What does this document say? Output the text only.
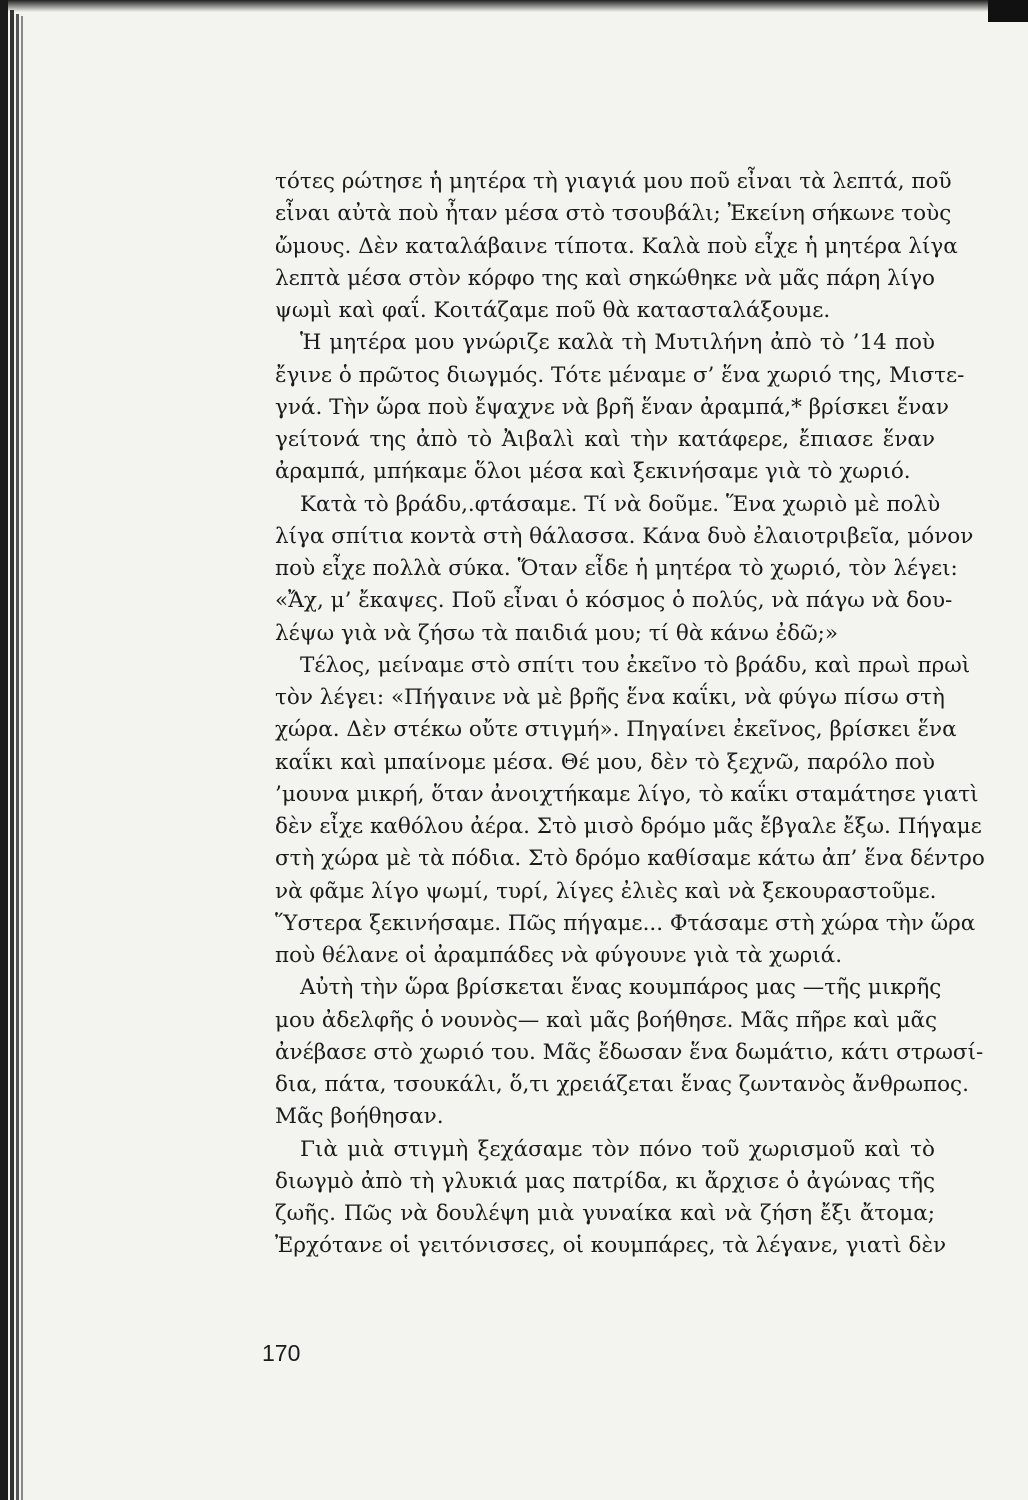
τότες ρώτησε ἡ μητέρα τὴ γιαγιά μου ποῦ εἶναι τὰ λεπτά, ποῦ
εἶναι αὐτὰ ποὺ ἦταν μέσα στὸ τσουβάλι; Ἐκείνη σήκωνε τοὺς
ὤμους. Δὲν καταλάβαινε τίποτα. Καλὰ ποὺ εἶχε ἡ μητέρα λίγα
λεπτὰ μέσα στὸν κόρφο της καὶ σηκώθηκε νὰ μᾶς πάρη λίγο
ψωμὶ καὶ φαΐ. Κοιτάζαμε ποῦ θὰ κατασταλάξουμε.
Ἡ μητέρα μου γνώριζε καλὰ τὴ Μυτιλήνη ἀπὸ τὸ ’14 ποὺ
ἔγινε ὁ πρῶτος διωγμός. Τότε μέναμε σ’ ἕνα χωριό της, Μιστε-
γνά. Τὴν ὥρα ποὺ ἔψαχνε νὰ βρῆ ἕναν ἀραμπά,* βρίσκει ἕναν
γείτονά της ἀπὸ τὸ Ἀιβαλὶ καὶ τὴν κατάφερε, ἔπιασε ἕναν
ἀραμπά, μπήκαμε ὅλοι μέσα καὶ ξεκινήσαμε γιὰ τὸ χωριό.
Κατὰ τὸ βράδυ,.φτάσαμε. Τί νὰ δοῦμε. Ἕνα χωριὸ μὲ πολὺ
λίγα σπίτια κοντὰ στὴ θάλασσα. Κάνα δυὸ ἐλαιοτριβεῖα, μόνον
ποὺ εἶχε πολλὰ σύκα. Ὅταν εἶδε ἡ μητέρα τὸ χωριό, τὸν λέγει:
«Ἄχ, μ’ ἔκαψες. Ποῦ εἶναι ὁ κόσμος ὁ πολύς, νὰ πάγω νὰ δου-
λέψω γιὰ νὰ ζήσω τὰ παιδιά μου; τί θὰ κάνω ἐδῶ;»
Τέλος, μείναμε στὸ σπίτι του ἐκεῖνο τὸ βράδυ, καὶ πρωὶ πρωὶ
τὸν λέγει: «Πήγαινε νὰ μὲ βρῆς ἕνα καΐκι, νὰ φύγω πίσω στὴ
χώρα. Δὲν στέκω οὔτε στιγμή». Πηγαίνει ἐκεῖνος, βρίσκει ἕνα
καΐκι καὶ μπαίνομε μέσα. Θέ μου, δὲν τὸ ξεχνῶ, παρόλο ποὺ
’μουνα μικρή, ὅταν ἀνοιχτήκαμε λίγο, τὸ καΐκι σταμάτησε γιατὶ
δὲν εἶχε καθόλου ἀέρα. Στὸ μισὸ δρόμο μᾶς ἔβγαλε ἔξω. Πήγαμε
στὴ χώρα μὲ τὰ πόδια. Στὸ δρόμο καθίσαμε κάτω ἀπ’ ἕνα δέντρο
νὰ φᾶμε λίγο ψωμί, τυρί, λίγες ἐλιὲς καὶ νὰ ξεκουραστοῦμε.
Ὕστερα ξεκινήσαμε. Πῶς πήγαμε... Φτάσαμε στὴ χώρα τὴν ὥρα
ποὺ θέλανε οἱ ἀραμπάδες νὰ φύγουνε γιὰ τὰ χωριά.
Αὐτὴ τὴν ὥρα βρίσκεται ἕνας κουμπάρος μας —τῆς μικρῆς
μου ἀδελφῆς ὁ νουνὸς— καὶ μᾶς βοήθησε. Μᾶς πῆρε καὶ μᾶς
ἀνέβασε στὸ χωριό του. Μᾶς ἔδωσαν ἕνα δωμάτιο, κάτι στρωσί-
δια, πάτα, τσουκάλι, ὅ,τι χρειάζεται ἕνας ζωντανὸς ἄνθρωπος.
Μᾶς βοήθησαν.
Γιὰ μιὰ στιγμὴ ξεχάσαμε τὸν πόνο τοῦ χωρισμοῦ καὶ τὸ
διωγμὸ ἀπὸ τὴ γλυκιά μας πατρίδα, κι ἄρχισε ὁ ἀγώνας τῆς
ζωῆς. Πῶς νὰ δουλέψη μιὰ γυναίκα καὶ νὰ ζήση ἔξι ἄτομα;
Ἐρχότανε οἱ γειτόνισσες, οἱ κουμπάρες, τὰ λέγανε, γιατὶ δὲν
170
